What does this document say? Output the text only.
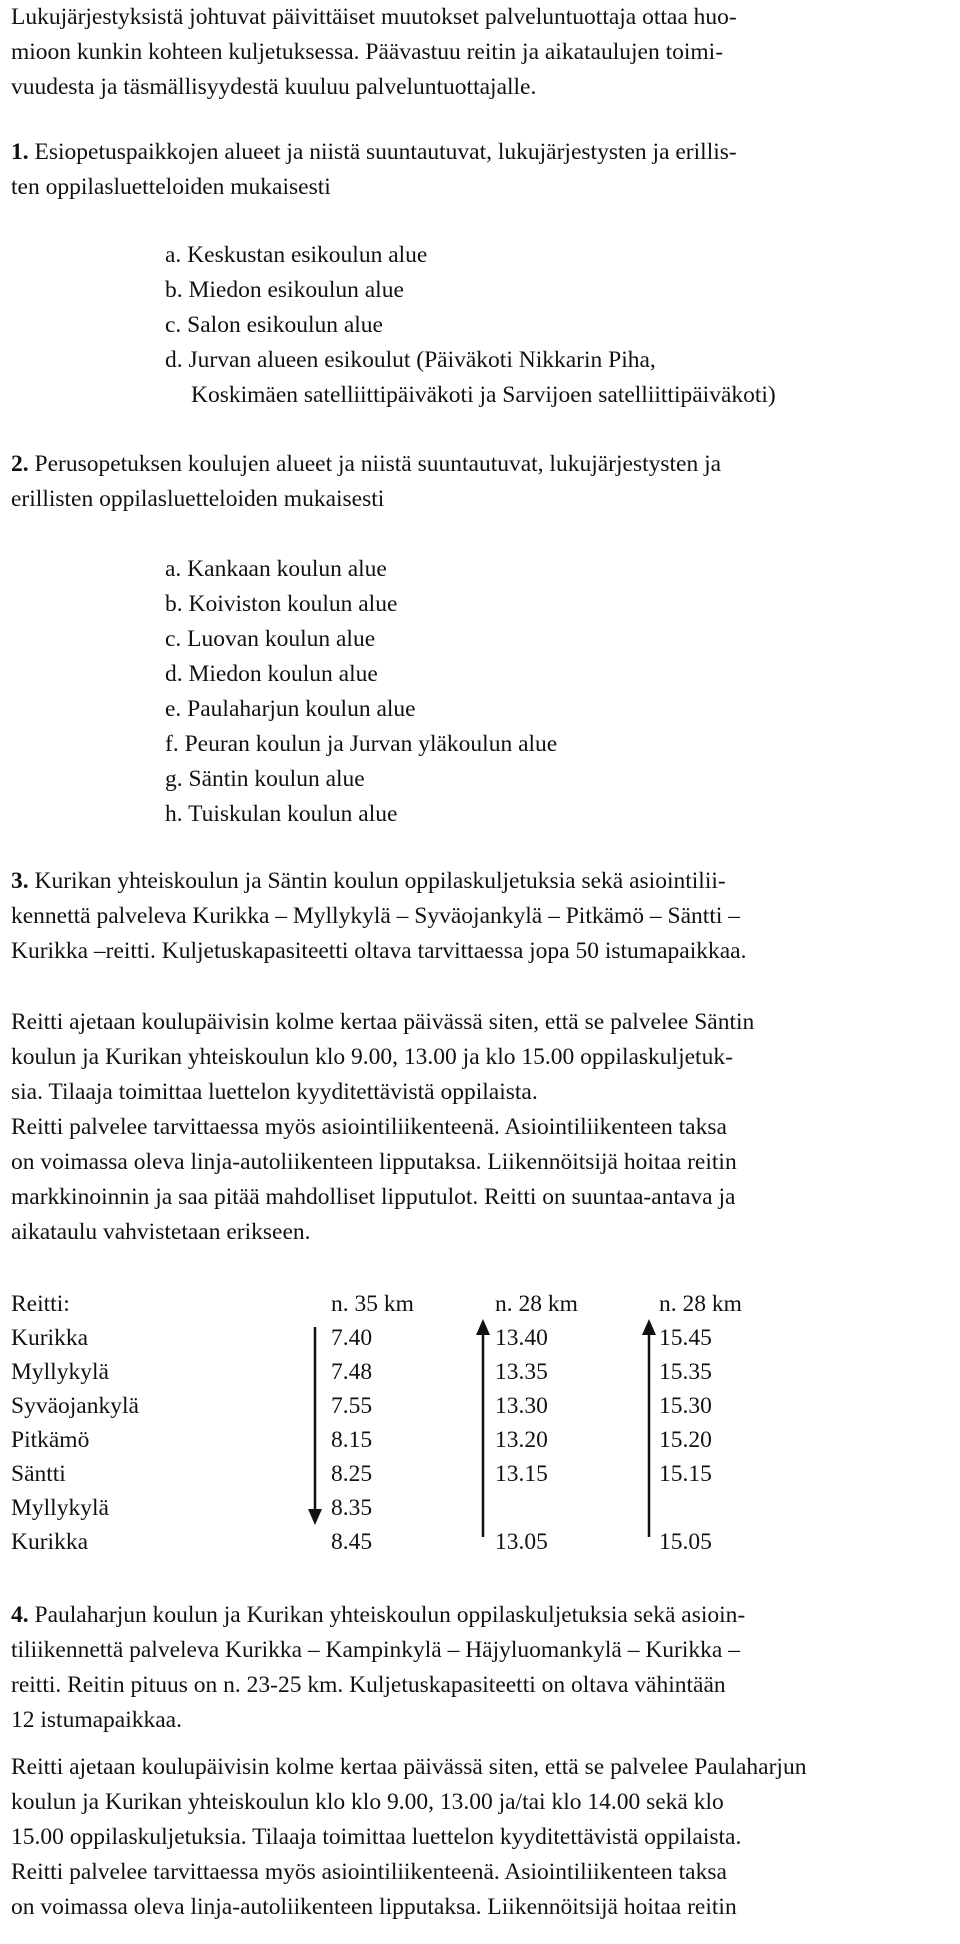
Lukujärjestyksistä johtuvat päivittäiset muutokset palveluntuottaja ottaa huo-
mioon kunkin kohteen kuljetuksessa. Päävastuu reitin ja aikataulujen toimi-
vuudesta ja täsmällisyydestä kuuluu palveluntuottajalle.
1. Esiopetuspaikkojen alueet ja niistä suuntautuvat, lukujärjestysten ja erillis-
ten oppilasluetteloiden mukaisesti
a. Keskustan esikoulun alue
b. Miedon esikoulun alue
c. Salon esikoulun alue
d. Jurvan alueen esikoulut (Päiväkoti Nikkarin Piha,
Koskimäen satelliittipäiväkoti ja Sarvijoen satelliittipäiväkoti)
2. Perusopetuksen koulujen alueet ja niistä suuntautuvat, lukujärjestysten ja
erillisten oppilasluetteloiden mukaisesti
a. Kankaan koulun alue
b. Koiviston koulun alue
c. Luovan koulun alue
d. Miedon koulun alue
e. Paulaharjun koulun alue
f. Peuran koulun ja Jurvan yläkoulun alue
g. Säntin koulun alue
h. Tuiskulan koulun alue
3. Kurikan yhteiskoulun ja Säntin koulun oppilaskuljetuksia sekä asiointilii-
kennettä palveleva Kurikka – Myllykylä – Syväojankylä – Pitkämö – Säntti –
Kurikka –reitti. Kuljetuskapasiteetti oltava tarvittaessa jopa 50 istumapaikkaa.
Reitti ajetaan koulupäivisin kolme kertaa päivässä siten, että se palvelee Säntin
koulun ja Kurikan yhteiskoulun klo 9.00, 13.00 ja klo 15.00 oppilaskuljetuk-
sia. Tilaaja toimittaa luettelon kyyditettävistä oppilaista.
Reitti palvelee tarvittaessa myös asiointiliikenteenä. Asiointiliikenteen taksa
on voimassa oleva linja-autoliikenteen lipputaksa. Liikennöitsijä hoitaa reitin
markkinoinnin ja saa pitää mahdolliset lipputulot. Reitti on suuntaa-antava ja
aikataulu vahvistetaan erikseen.
Reitti:	n. 35 km	n. 28 km	n. 28 km
Kurikka	7.40	13.40	15.45
Myllykylä	7.48	13.35	15.35
Syväojankylä	7.55	13.30	15.30
Pitkämö	8.15	13.20	15.20
Säntti	8.25	13.15	15.15
Myllykylä	8.35
Kurikka	8.45	13.05	15.05
4. Paulaharjun koulun ja Kurikan yhteiskoulun oppilaskuljetuksia sekä asioin-
tiliikennettä palveleva Kurikka – Kampinkylä – Häjyluomankylä – Kurikka –
reitti. Reitin pituus on n. 23-25 km. Kuljetuskapasiteetti on oltava vähintään
12 istumapaikkaa.
Reitti ajetaan koulupäivisin kolme kertaa päivässä siten, että se palvelee Paulaharjun
koulun ja Kurikan yhteiskoulun klo klo 9.00, 13.00 ja/tai klo 14.00 sekä klo
15.00 oppilaskuljetuksia. Tilaaja toimittaa luettelon kyyditettävistä oppilaista.
Reitti palvelee tarvittaessa myös asiointiliikenteenä. Asiointiliikenteen taksa
on voimassa oleva linja-autoliikenteen lipputaksa. Liikennöitsijä hoitaa reitin
